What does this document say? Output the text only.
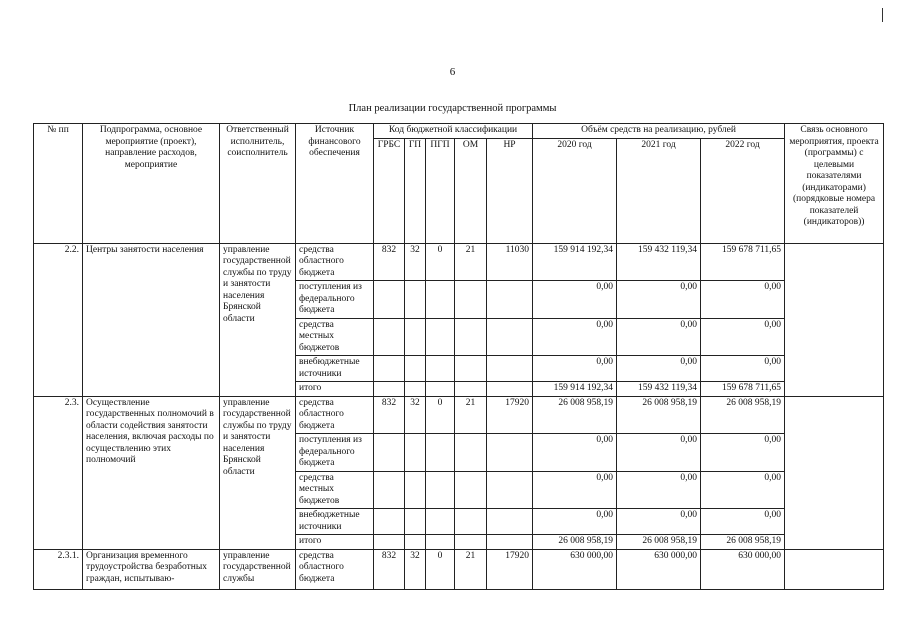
6
План реализации государственной программы
№ пп	Подпрограмма, основное мероприятие (проект), направление расходов, мероприятие	Ответственный исполнитель, соисполнитель	Источник финансового обеспечения	Код бюджетной классификации					Объём средств на реализацию, рублей			Связь основного мероприятия, проекта (программы) с целевыми показателями (индикаторами) (порядковые номера показателей (индикаторов))
				ГРБС	ГП	ПГП	ОМ	НР	2020 год	2021 год	2022 год	
2.2.	Центры занятости населения	управление государственной службы по труду и занятости населения Брянской области	средства областного бюджета	832	32	0	21	11030	159 914 192,34	159 432 119,34	159 678 711,65	
			поступления из федерального бюджета						0,00	0,00	0,00	
			средства местных бюджетов						0,00	0,00	0,00	
			внебюджетные источники						0,00	0,00	0,00	
			итого						159 914 192,34	159 432 119,34	159 678 711,65	
2.3.	Осуществление государственных полномочий в области содействия занятости населения, включая расходы по осуществлению этих полномочий	управление государственной службы по труду и занятости населения Брянской области	средства областного бюджета	832	32	0	21	17920	26 008 958,19	26 008 958,19	26 008 958,19	
			поступления из федерального бюджета						0,00	0,00	0,00	
			средства местных бюджетов						0,00	0,00	0,00	
			внебюджетные источники						0,00	0,00	0,00	
			итого						26 008 958,19	26 008 958,19	26 008 958,19	
2.3.1.	Организация временного трудоустройства безработных граждан, испытываю-	управление государственной службы	средства областного бюджета	832	32	0	21	17920	630 000,00	630 000,00	630 000,00	
